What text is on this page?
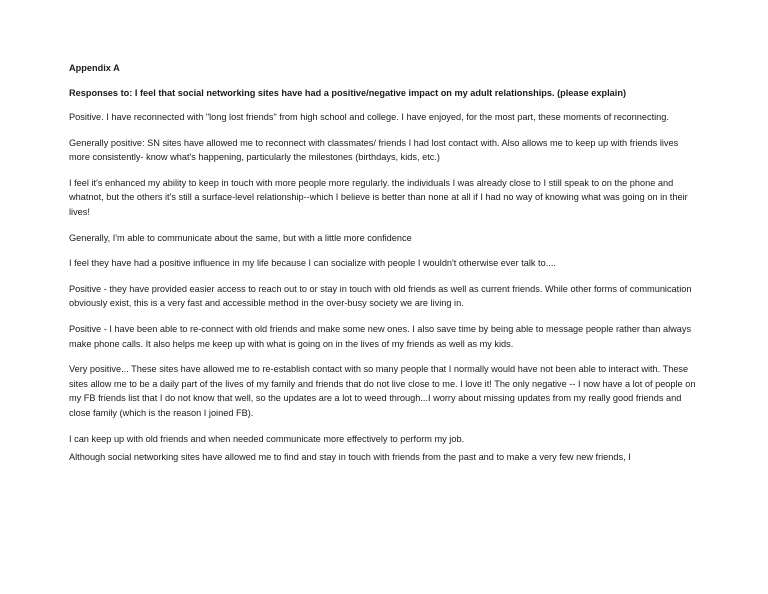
Appendix A

Responses to: I feel that social networking sites have had a positive/negative impact on my adult relationships. (please explain)

Positive. I have reconnected with "long lost friends" from high school and college. I have enjoyed, for the most part, these moments of reconnecting.
Generally positive: SN sites have allowed me to reconnect with classmates/ friends I had lost contact with. Also allows me to keep up with friends lives more consistently- know what's happening, particularly the milestones (birthdays, kids, etc.)
I feel it's enhanced my ability to keep in touch with more people more regularly. the individuals I was already close to I still speak to on the phone and whatnot, but the others it's still a surface-level relationship--which I believe is better than none at all if I had no way of knowing what was going on in their lives!
Generally, I'm able to communicate about the same, but with a little more confidence
I feel they have had a positive influence in my life because I can socialize with people I wouldn't otherwise ever talk to....
Positive - they have provided easier access to reach out to or stay in touch with old friends as well as current friends. While other forms of communication obviously exist, this is a very fast and accessible method in the over-busy society we are living in.
Positive - I have been able to re-connect with old friends and make some new ones. I also save time by being able to message people rather than always make phone calls. It also helps me keep up with what is going on in the lives of my friends as well as my kids.
Very positive... These sites have allowed me to re-establish contact with so many people that I normally would have not been able to interact with. These sites allow me to be a daily part of the lives of my family and friends that do not live close to me. I love it! The only negative -- I now have a lot of people on my FB friends list that I do not know that well, so the updates are a lot to weed through...I worry about missing updates from my really good friends and close family (which is the reason I joined FB).
I can keep up with old friends and when needed communicate more effectively to perform my job.
Although social networking sites have allowed me to find and stay in touch with friends from the past and to make a very few new friends, I
